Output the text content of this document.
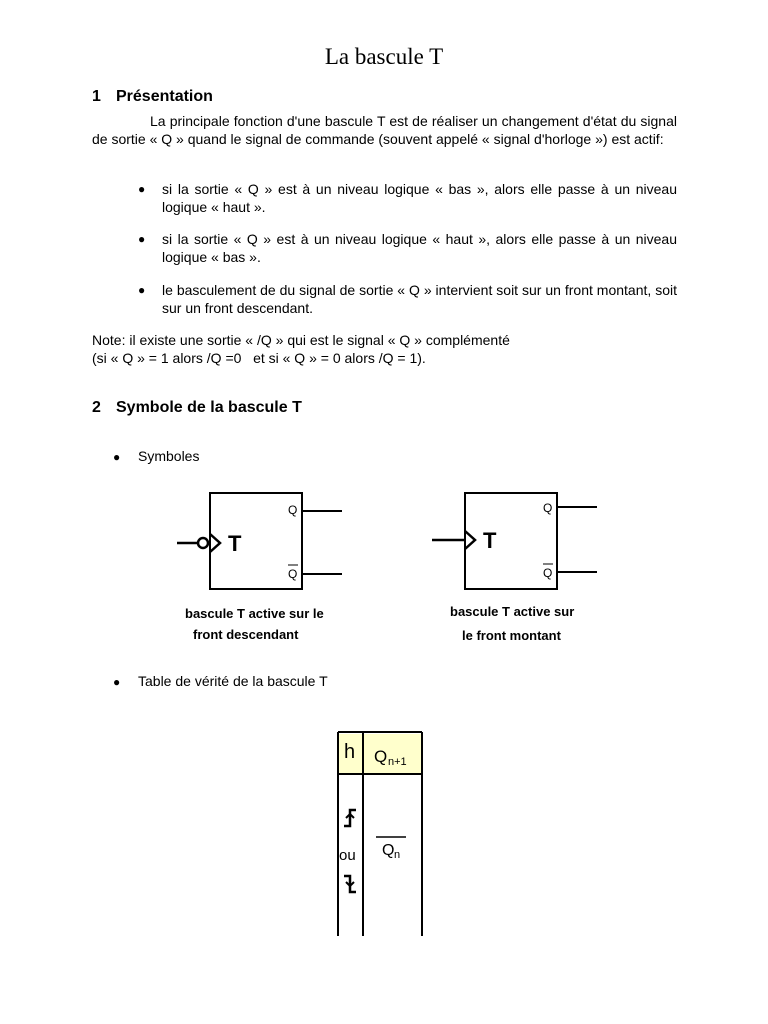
La bascule T
1 Présentation
La principale fonction d'une bascule T est de réaliser un changement d'état du signal de sortie « Q » quand le signal de commande (souvent appelé « signal d'horloge ») est actif:
●	si la sortie « Q » est à un niveau logique « bas », alors elle passe à un niveau logique « haut ».
●	si la sortie « Q » est à un niveau logique « haut », alors elle passe à un niveau logique « bas ».
●	le basculement de du signal de sortie « Q » intervient soit sur un front montant, soit sur un front descendant.
Note: il existe une sortie « /Q » qui est le signal « Q » complémenté
(si « Q » = 1 alors /Q =0   et si « Q » = 0 alors /Q = 1).
2 Symbole de la bascule T
● Symboles
T
Q
Q
bascule T active sur le
front descendant
T
Q
Q
bascule T active sur
le front montant
● Table de vérité de la bascule T
h Q n+1
ou Q n
